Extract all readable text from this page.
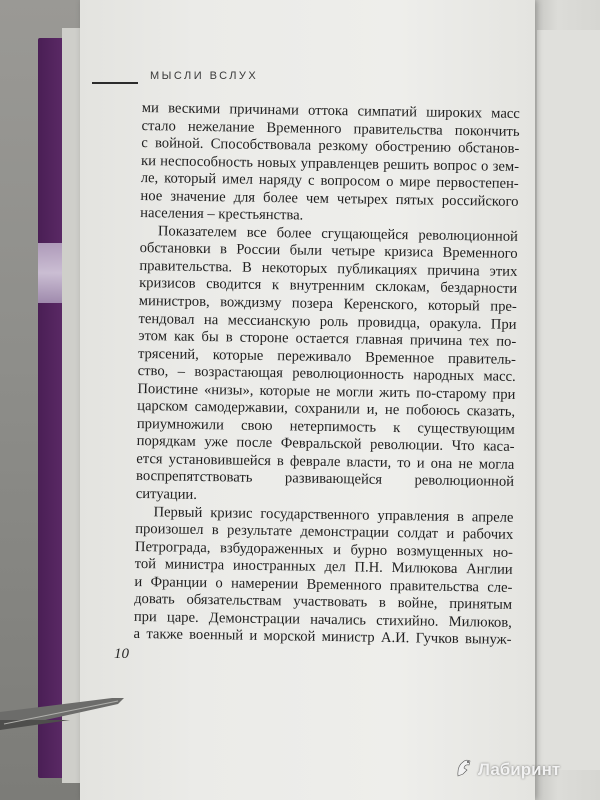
МЫСЛИ ВСЛУХ
ми вескими причинами оттока симпатий широких масс
стало нежелание Временного правительства покончить
с войной. Способствовала резкому обострению обстанов-
ки неспособность новых управленцев решить вопрос о зем-
ле, который имел наряду с вопросом о мире первостепен-
ное значение для более чем четырех пятых российского
населения – крестьянства.
Показателем все более сгущающейся революционной
обстановки в России были четыре кризиса Временного
правительства. В некоторых публикациях причина этих
кризисов сводится к внутренним склокам, бездарности
министров, вождизму позера Керенского, который пре-
тендовал на мессианскую роль провидца, оракула. При
этом как бы в стороне остается главная причина тех по-
трясений, которые переживало Временное правитель-
ство, – возрастающая революционность народных масс.
Поистине «низы», которые не могли жить по-старому при
царском самодержавии, сохранили и, не побоюсь сказать,
приумножили свою нетерпимость к существующим
порядкам уже после Февральской революции. Что каса-
ется установившейся в феврале власти, то и она не могла
воспрепятствовать развивающейся революционной
ситуации.
Первый кризис государственного управления в апреле
произошел в результате демонстрации солдат и рабочих
Петрограда, взбудораженных и бурно возмущенных но-
той министра иностранных дел П.Н. Милюкова Англии
и Франции о намерении Временного правительства сле-
довать обязательствам участвовать в войне, принятым
при царе. Демонстрации начались стихийно. Милюков,
а также военный и морской министр А.И. Гучков вынуж-
10
Лабиринт
